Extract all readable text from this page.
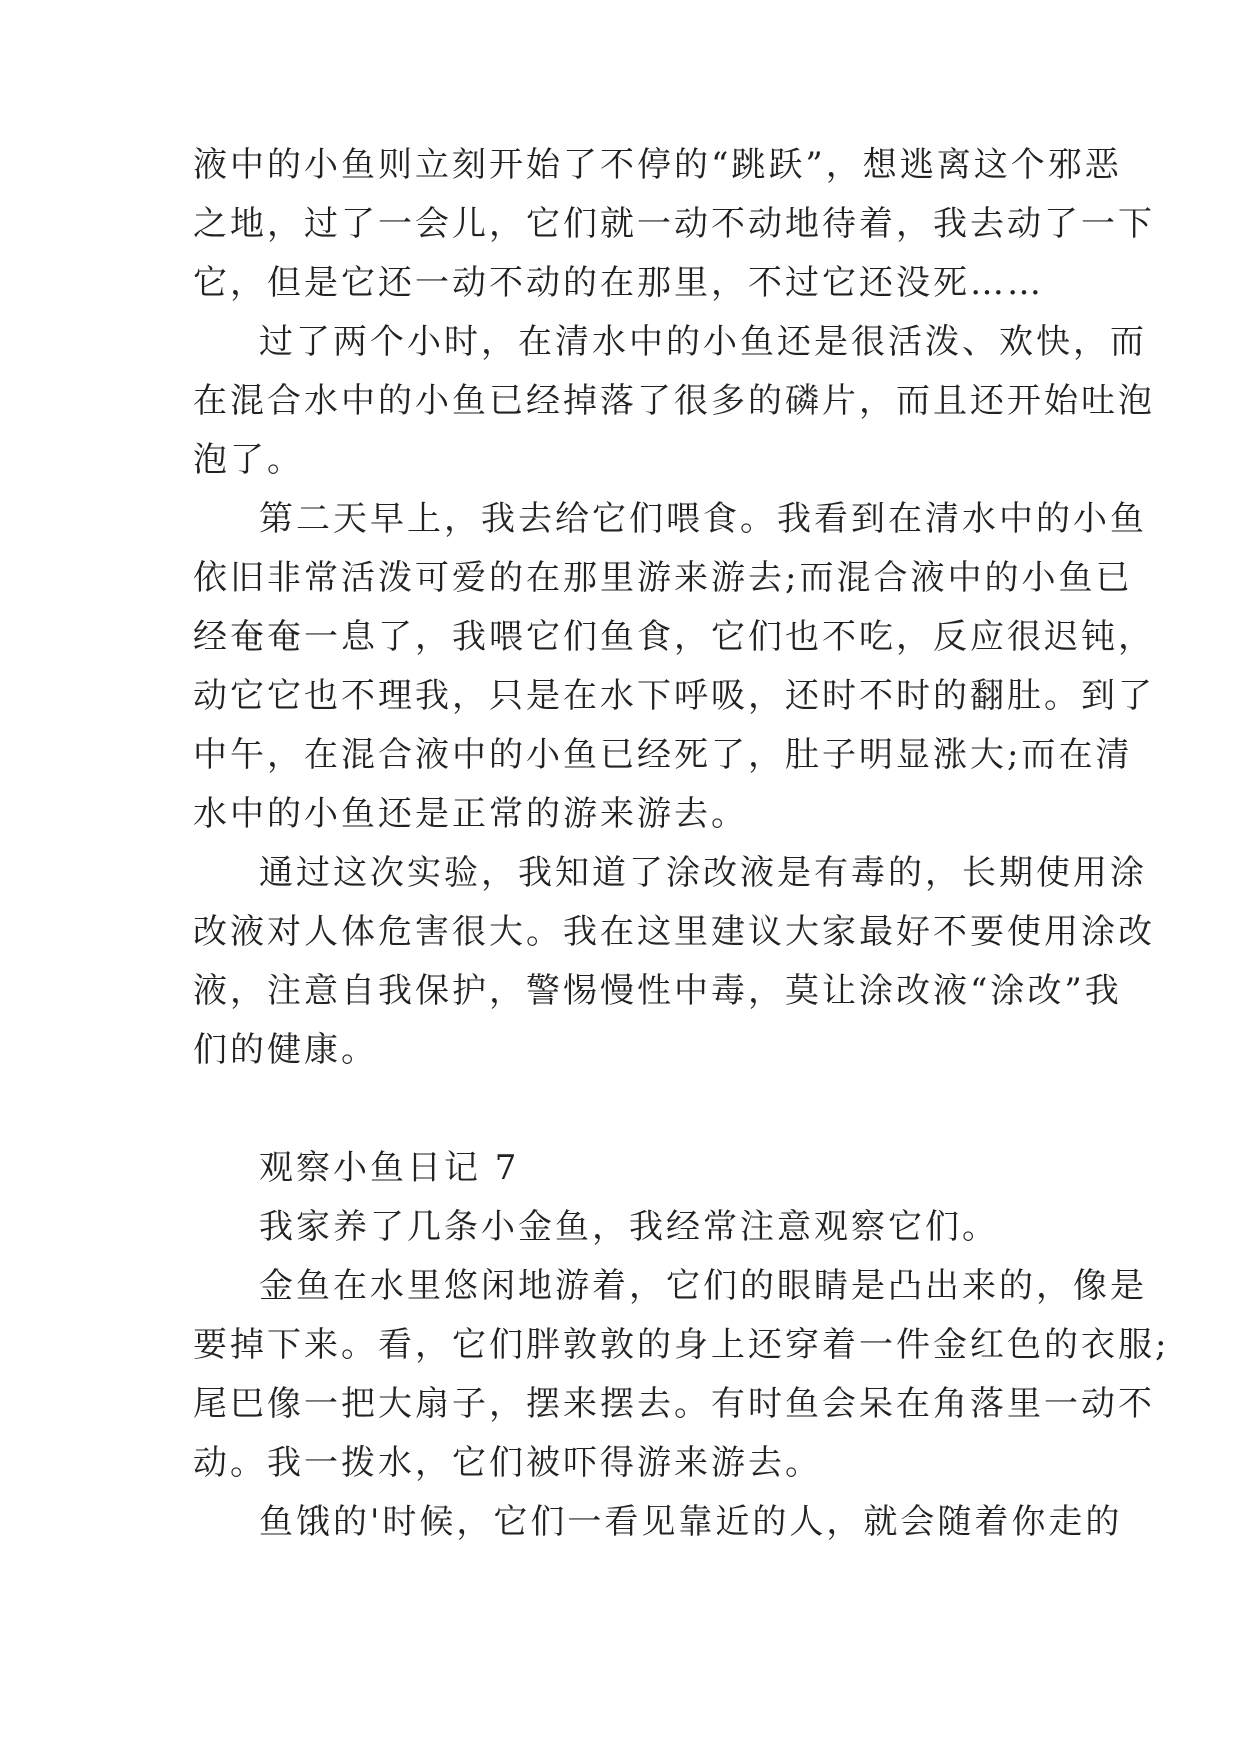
液中的小鱼则立刻开始了不停的“跳跃”，想逃离这个邪恶
之地，过了一会儿，它们就一动不动地待着，我去动了一下
它，但是它还一动不动的在那里，不过它还没死……
过了两个小时，在清水中的小鱼还是很活泼、欢快，而
在混合水中的小鱼已经掉落了很多的磷片，而且还开始吐泡
泡了。
第二天早上，我去给它们喂食。我看到在清水中的小鱼
依旧非常活泼可爱的在那里游来游去;而混合液中的小鱼已
经奄奄一息了，我喂它们鱼食，它们也不吃，反应很迟钝，
动它它也不理我，只是在水下呼吸，还时不时的翻肚。到了
中午，在混合液中的小鱼已经死了，肚子明显涨大;而在清
水中的小鱼还是正常的游来游去。
通过这次实验，我知道了涂改液是有毒的，长期使用涂
改液对人体危害很大。我在这里建议大家最好不要使用涂改
液，注意自我保护，警惕慢性中毒，莫让涂改液“涂改”我
们的健康。
观察小鱼日记 7
我家养了几条小金鱼，我经常注意观察它们。
金鱼在水里悠闲地游着，它们的眼睛是凸出来的，像是
要掉下来。看，它们胖敦敦的身上还穿着一件金红色的衣服;
尾巴像一把大扇子，摆来摆去。有时鱼会呆在角落里一动不
动。我一拨水，它们被吓得游来游去。
鱼饿的'时候，它们一看见靠近的人，就会随着你走的
